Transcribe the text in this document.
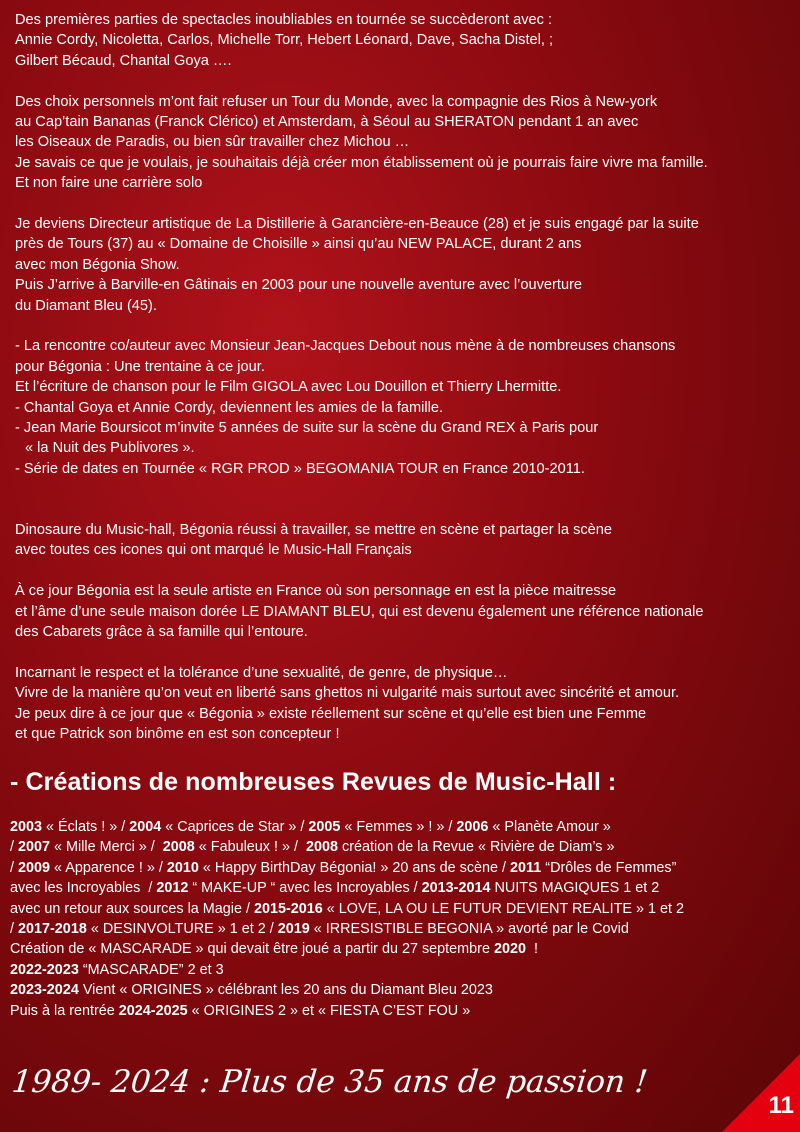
Des premières parties de spectacles inoubliables en tournée se succèderont avec :
Annie Cordy, Nicoletta, Carlos, Michelle Torr, Hebert Léonard, Dave, Sacha Distel, ;
Gilbert Bécaud, Chantal Goya ….
Des choix personnels m’ont fait refuser un Tour du Monde, avec la compagnie des Rios à New-york
au Cap’tain Bananas (Franck Clérico) et Amsterdam, à Séoul au SHERATON pendant 1 an avec
les Oiseaux de Paradis, ou bien sûr travailler chez Michou …
Je savais ce que je voulais, je souhaitais déjà créer mon établissement où je pourrais faire vivre ma famille.
Et non faire une carrière solo
Je deviens Directeur artistique de La Distillerie à Garancière-en-Beauce (28) et je suis engagé par la suite
près de Tours (37) au « Domaine de Choisille » ainsi qu’au NEW PALACE, durant 2 ans
avec mon Bégonia Show.
Puis J’arrive à Barville-en Gâtinais en 2003 pour une nouvelle aventure avec l’ouverture
du Diamant Bleu (45).
- La rencontre co/auteur avec Monsieur Jean-Jacques Debout nous mène à de nombreuses chansons
pour Bégonia : Une trentaine à ce jour.
Et l’écriture de chanson pour le Film GIGOLA avec Lou Douillon et Thierry Lhermitte.
- Chantal Goya et Annie Cordy, deviennent les amies de la famille.
- Jean Marie Boursicot m’invite 5 années de suite sur la scène du Grand REX à Paris pour
« la Nuit des Publivores ».
- Série de dates en Tournée « RGR PROD » BEGOMANIA TOUR en France 2010-2011.
Dinosaure du Music-hall, Bégonia réussi à travailler, se mettre en scène et partager la scène
avec toutes ces icones qui ont marqué le Music-Hall Français
À ce jour Bégonia est la seule artiste en France où son personnage en est la pièce maitresse
et l’âme d’une seule maison dorée LE DIAMANT BLEU, qui est devenu également une référence nationale
des Cabarets grâce à sa famille qui l’entoure.
Incarnant le respect et la tolérance d’une sexualité, de genre, de physique…
Vivre de la manière qu’on veut en liberté sans ghettos ni vulgarité mais surtout avec sincérité et amour.
Je peux dire à ce jour que « Bégonia » existe réellement sur scène et qu’elle est bien une Femme
et que Patrick son binôme en est son concepteur !
- Créations de nombreuses Revues de Music-Hall :
2003 « Éclats ! » / 2004 « Caprices de Star » / 2005 « Femmes » ! » / 2006 « Planète Amour »
/ 2007 « Mille Merci » /  2008 « Fabuleux ! » /  2008 création de la Revue « Rivière de Diam’s »
/ 2009 « Apparence ! » / 2010 « Happy BirthDay Bégonia! » 20 ans de scène / 2011 “Drôles de Femmes”
avec les Incroyables  / 2012 “ MAKE-UP “ avec les Incroyables / 2013-2014 NUITS MAGIQUES 1 et 2
avec un retour aux sources la Magie / 2015-2016 « LOVE, LA OU LE FUTUR DEVIENT REALITE » 1 et 2
/ 2017-2018 « DESINVOLTURE » 1 et 2 / 2019 « IRRESISTIBLE BEGONIA » avorté par le Covid
Création de « MASCARADE » qui devait être joué a partir du 27 septembre 2020  !
2022-2023 “MASCARADE” 2 et 3
2023-2024 Vient « ORIGINES » célébrant les 20 ans du Diamant Bleu 2023
Puis à la rentrée 2024-2025 « ORIGINES 2 » et « FIESTA C’EST FOU »
1989- 2024 : Plus de 35 ans de passion !
11
